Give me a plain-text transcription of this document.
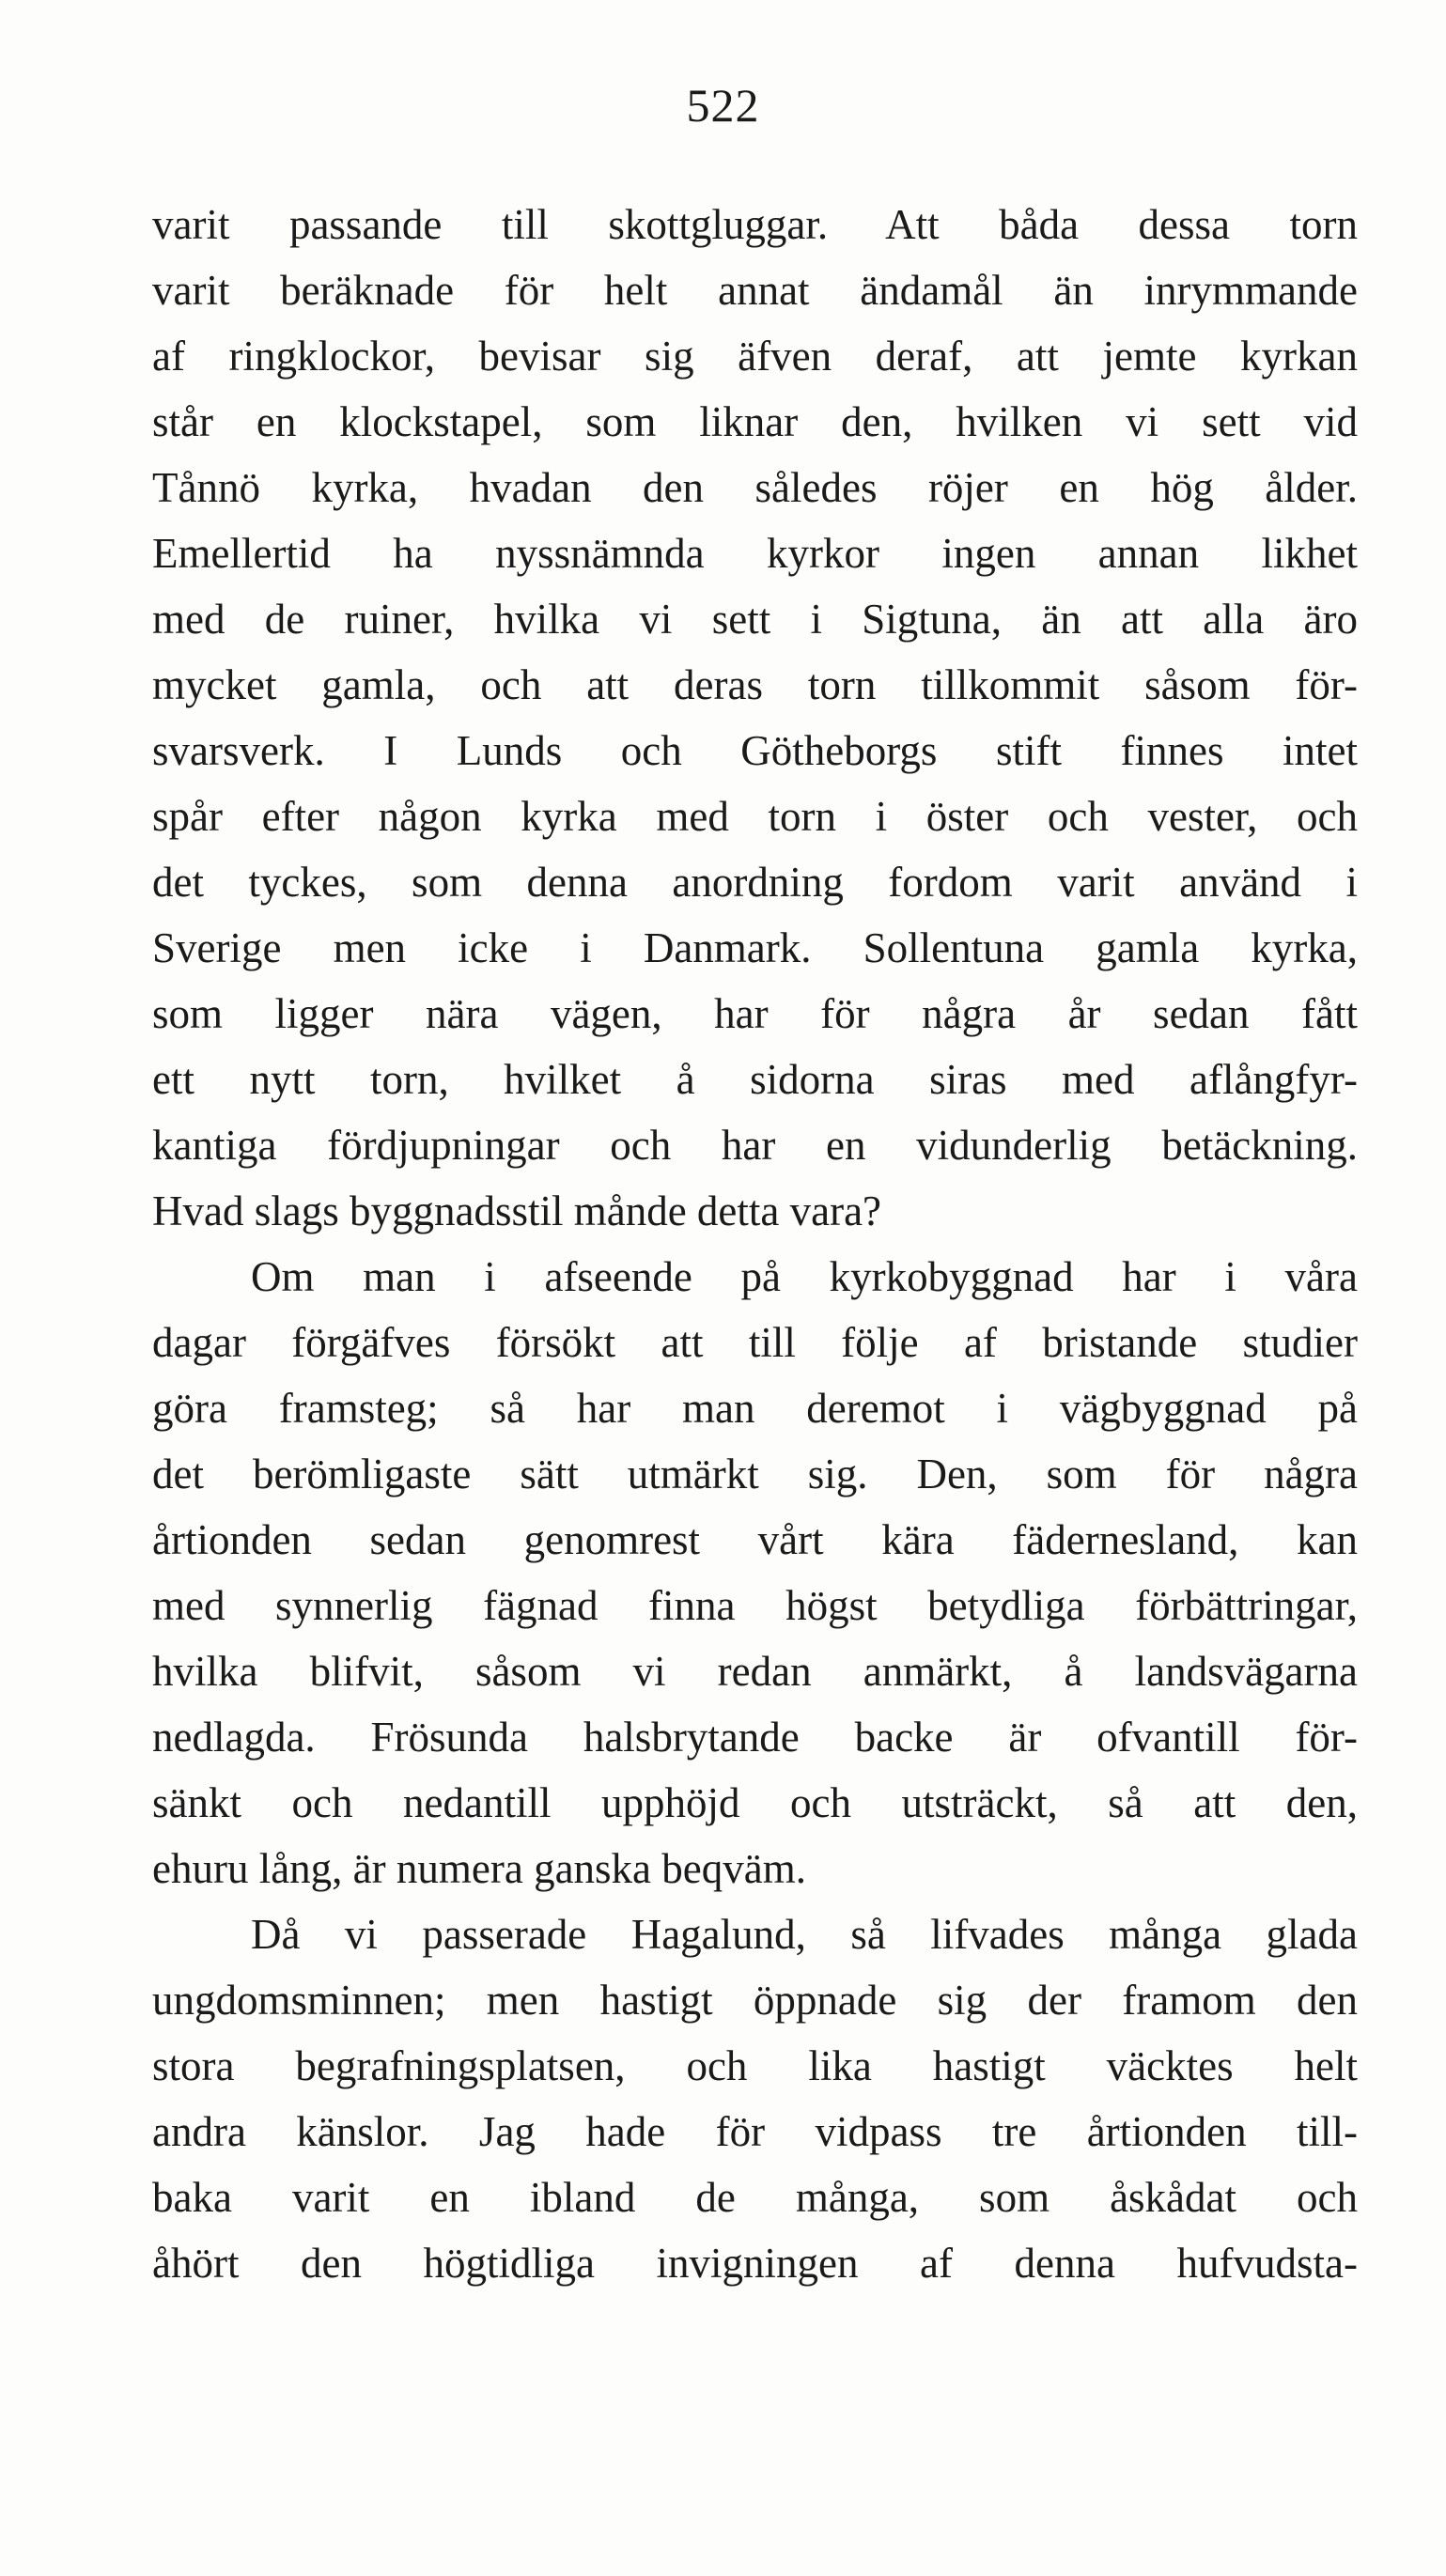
522
varit passande till skottgluggar. Att båda dessa torn
varit beräknade för helt annat ändamål än inrymmande
af ringklockor, bevisar sig äfven deraf, att jemte kyrkan
står en klockstapel, som liknar den, hvilken vi sett vid
Tånnö kyrka, hvadan den således röjer en hög ålder.
Emellertid ha nyssnämnda kyrkor ingen annan likhet
med de ruiner, hvilka vi sett i Sigtuna, än att alla äro
mycket gamla, och att deras torn tillkommit såsom för-
svarsverk. I Lunds och Götheborgs stift finnes intet
spår efter någon kyrka med torn i öster och vester, och
det tyckes, som denna anordning fordom varit använd i
Sverige men icke i Danmark. Sollentuna gamla kyrka,
som ligger nära vägen, har för några år sedan fått
ett nytt torn, hvilket å sidorna siras med aflångfyr-
kantiga fördjupningar och har en vidunderlig betäckning.
Hvad slags byggnadsstil månde detta vara?
Om man i afseende på kyrkobyggnad har i våra
dagar förgäfves försökt att till följe af bristande studier
göra framsteg; så har man deremot i vägbyggnad på
det berömligaste sätt utmärkt sig. Den, som för några
årtionden sedan genomrest vårt kära fädernesland, kan
med synnerlig fägnad finna högst betydliga förbättringar,
hvilka blifvit, såsom vi redan anmärkt, å landsvägarna
nedlagda. Frösunda halsbrytande backe är ofvantill för-
sänkt och nedantill upphöjd och utsträckt, så att den,
ehuru lång, är numera ganska beqväm.
Då vi passerade Hagalund, så lifvades många glada
ungdomsminnen; men hastigt öppnade sig der framom den
stora begrafningsplatsen, och lika hastigt väcktes helt
andra känslor. Jag hade för vidpass tre årtionden till-
baka varit en ibland de många, som åskådat och
åhört den högtidliga invigningen af denna hufvudsta-
